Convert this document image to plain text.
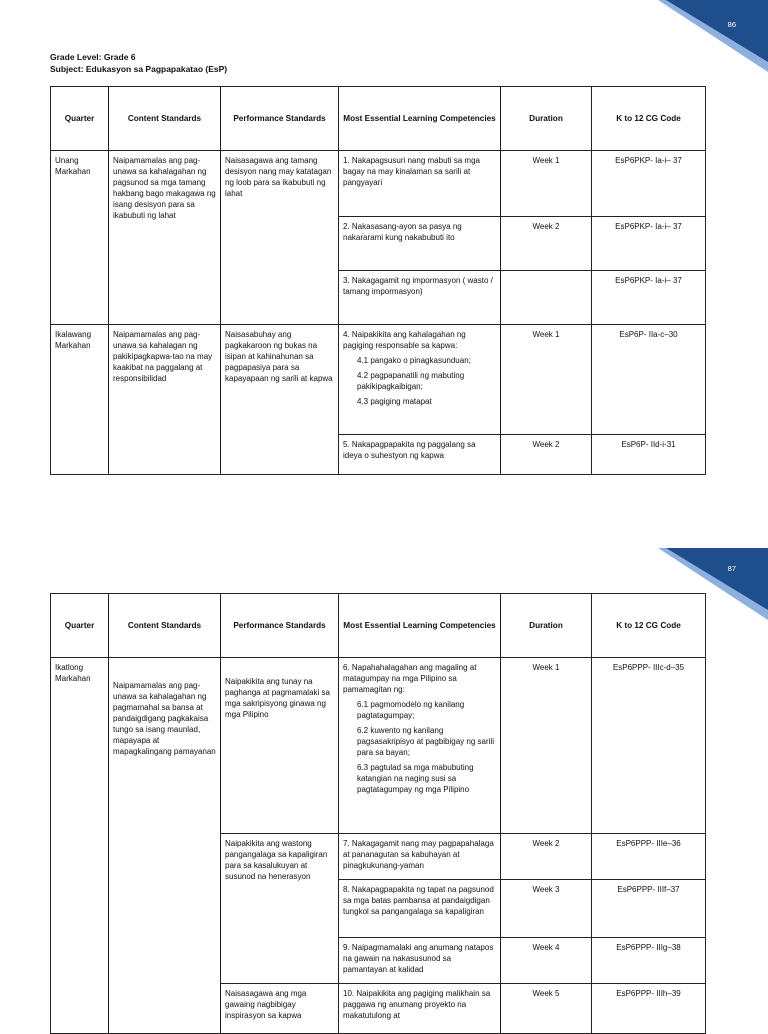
86
Grade Level: Grade 6
Subject: Edukasyon sa Pagpapakatao (EsP)
Quarter	Content Standards	Performance Standards	Most Essential Learning Competencies	Duration	K to 12 CG Code
Unang Markahan	Naipamamalas ang pag-unawa sa kahalagahan ng pagsunod sa mga tamang hakbang bago makagawa ng isang desisyon para sa ikabubuti ng lahat	Naisasagawa ang tamang desisyon nang may katatagan ng loob para sa ikabubuti ng lahat	1. Nakapagsusuri nang mabuti sa mga bagay na may kinalaman sa sarili at pangyayari	Week 1	EsP6PKP- Ia-i– 37
			2. Nakasasang-ayon sa pasya ng nakararami kung nakabubuti ito	Week 2	EsP6PKP- Ia-i– 37
			3. Nakagagamit ng impormasyon ( wasto / tamang impormasyon)		EsP6PKP- Ia-i– 37
Ikalawang Markahan	Naipamamalas ang pag-unawa sa kahalagan ng pakikipagkapwa-tao na may kaakibat na paggalang at responsibilidad	Naisasabuhay ang pagkakaroon ng bukas na isipan at kahinahunan sa pagpapasiya para sa kapayapaan ng sarili at kapwa	4. Naipakikita ang kahalagahan ng pagiging responsable sa kapwa:
4.1 pangako o pinagkasunduan;
4.2 pagpapanatili ng mabuting pakikipagkaibigan;
4.3 pagiging matapat	Week 1	EsP6P- IIa-c–30
			5. Nakapagpapakita ng paggalang sa ideya o suhestyon ng kapwa	Week 2	EsP6P- IId-i-31
87
Quarter	Content Standards	Performance Standards	Most Essential Learning Competencies	Duration	K to 12 CG Code
Ikatlong Markahan	Naipamamalas ang pag-unawa sa kahalagahan ng pagmamahal sa bansa at pandaigdigang pagkakaisa tungo sa isang maunlad, mapayapa at mapagkalingang pamayanan	Naipakikita ang tunay na paghanga at pagmamalaki sa mga sakripisyong ginawa ng mga Pilipino	6. Napahahalagahan ang magaling at matagumpay na mga Pilipino sa pamamagitan ng:
6.1 pagmomodelo ng kanilang pagtatagumpay;
6.2 kuwento ng kanilang pagsasakripisyo at pagbibigay ng sarili para sa bayan;
6.3 pagtulad sa mga mabubuting katangian na naging susi sa pagtatagumpay ng mga Pilipino	Week 1	EsP6PPP- IIIc-d–35
		Naipakikita ang wastong pangangalaga sa kapaligiran para sa kasalukuyan at susunod na henerasyon	7. Nakagagamit nang may pagpapahalaga at pananagutan sa kabuhayan at pinagkukunang-yaman	Week 2	EsP6PPP- IIIe–36
			8. Nakapagpapakita ng tapat na pagsunod sa mga batas pambansa at pandaigdigan tungkol sa pangangalaga sa kapaligiran	Week 3	EsP6PPP- IIIf–37
			9. Naipagmamalaki ang anumang natapos na gawain na nakasusunod sa pamantayan at kalidad	Week 4	EsP6PPP- IIIg–38
		Naisasagawa ang mga gawaing nagbibigay inspirasyon sa kapwa	10. Naipakikita ang pagiging malikhain sa paggawa ng anumang proyekto na makatutulong at	Week 5	EsP6PPP- IIIh–39
